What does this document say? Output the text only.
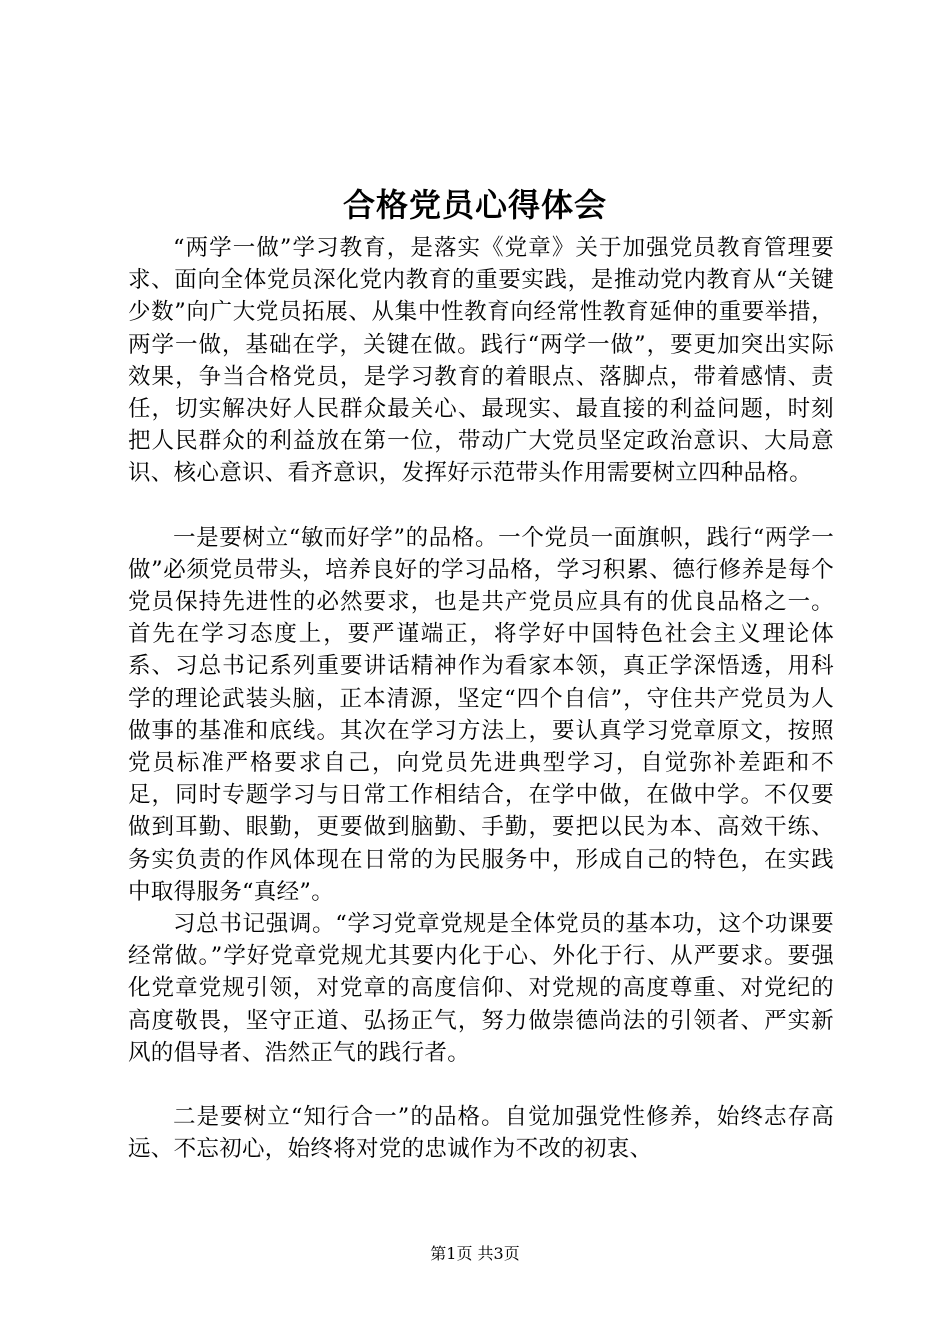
合格党员心得体会

“两学一做”学习教育，是落实《党章》关于加强党员教育管理要求、面向全体党员深化党内教育的重要实践，是推动党内教育从“关键少数”向广大党员拓展、从集中性教育向经常性教育延伸的重要举措，两学一做，基础在学，关键在做。践行“两学一做”，要更加突出实际效果，争当合格党员，是学习教育的着眼点、落脚点，带着感情、责任，切实解决好人民群众最关心、最现实、最直接的利益问题，时刻把人民群众的利益放在第一位，带动广大党员坚定政治意识、大局意识、核心意识、看齐意识，发挥好示范带头作用需要树立四种品格。

一是要树立“敏而好学”的品格。一个党员一面旗帜，践行“两学一做”必须党员带头，培养良好的学习品格，学习积累、德行修养是每个党员保持先进性的必然要求，也是共产党员应具有的优良品格之一。首先在学习态度上，要严谨端正，将学好中国特色社会主义理论体系、习总书记系列重要讲话精神作为看家本领，真正学深悟透，用科学的理论武装头脑，正本清源，坚定“四个自信”，守住共产党员为人做事的基准和底线。其次在学习方法上，要认真学习党章原文，按照党员标准严格要求自己，向党员先进典型学习，自觉弥补差距和不足，同时专题学习与日常工作相结合，在学中做，在做中学。不仅要做到耳勤、眼勤，更要做到脑勤、手勤，要把以民为本、高效干练、务实负责的作风体现在日常的为民服务中，形成自己的特色，在实践中取得服务“真经”。

习总书记强调。“学习党章党规是全体党员的基本功，这个功课要经常做。”学好党章党规尤其要内化于心、外化于行、从严要求。要强化党章党规引领，对党章的高度信仰、对党规的高度尊重、对党纪的高度敬畏，坚守正道、弘扬正气，努力做崇德尚法的引领者、严实新风的倡导者、浩然正气的践行者。

二是要树立“知行合一”的品格。自觉加强党性修养，始终志存高远、不忘初心，始终将对党的忠诚作为不改的初衷、

第1页 共3页
